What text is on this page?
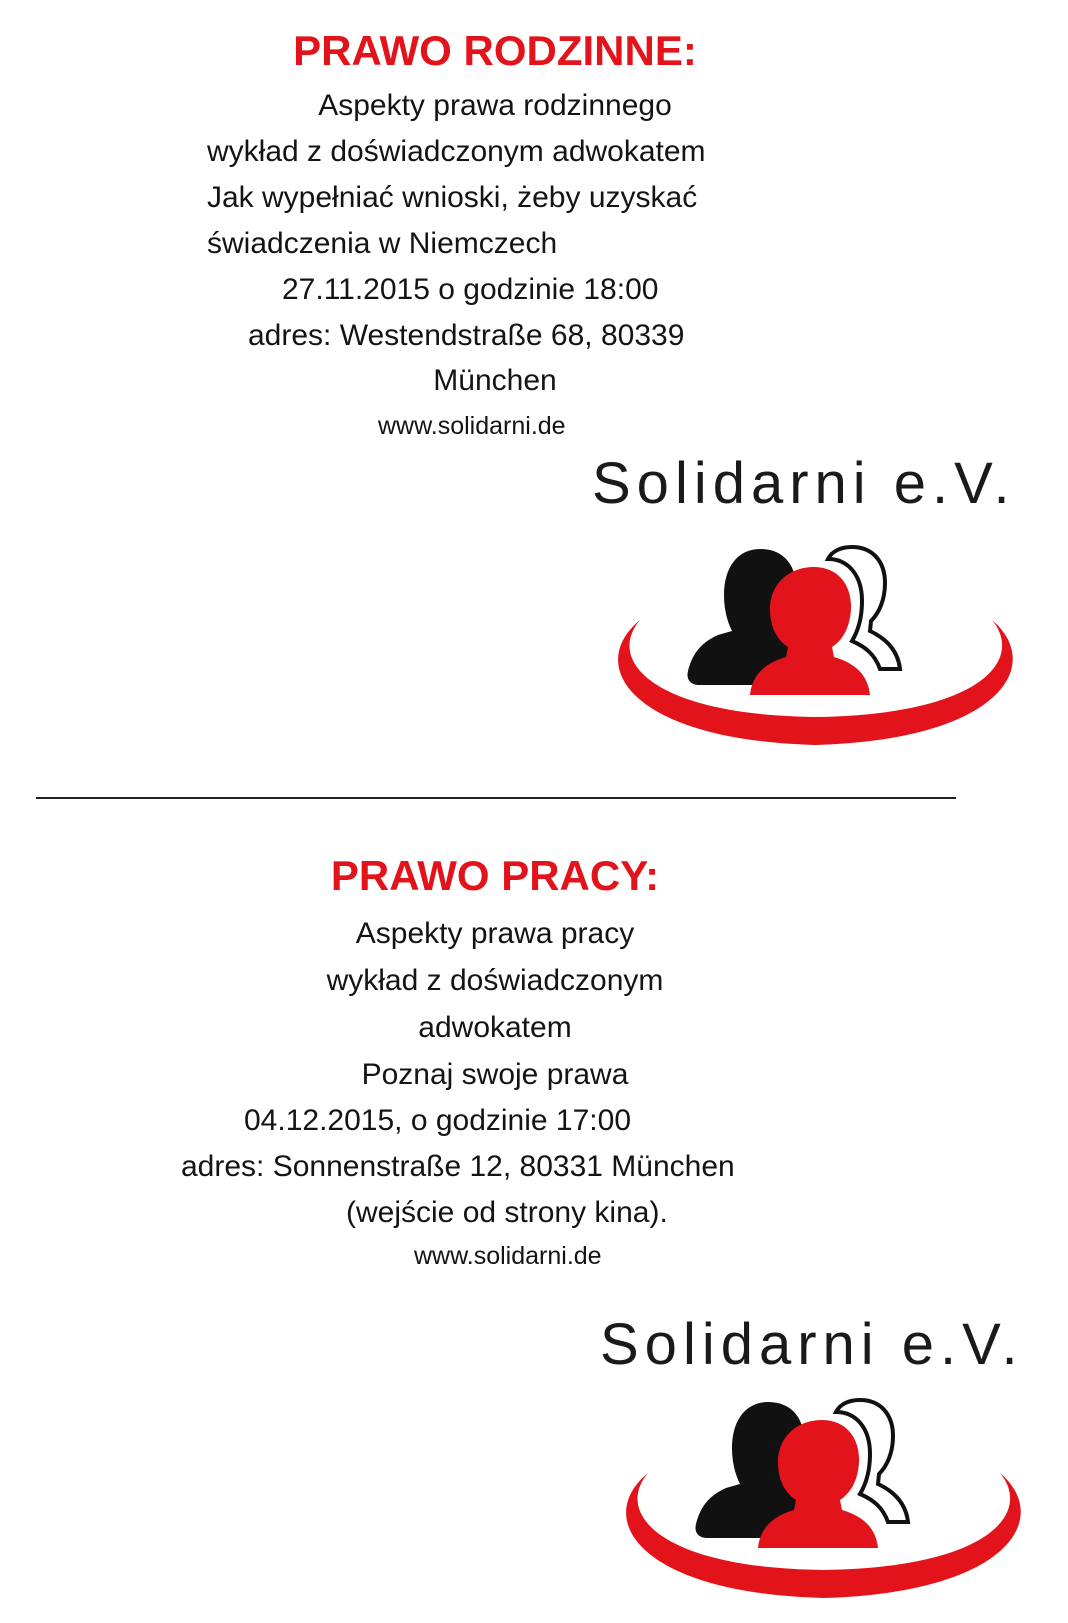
PRAWO RODZINNE:
Aspekty prawa rodzinnego
wykład z doświadczonym adwokatem
Jak wypełniać wnioski, żeby uzyskać
świadczenia w Niemczech
27.11.2015 o godzinie 18:00
adres: Westendstraße 68, 80339
München
www.solidarni.de
Solidarni e.V.
PRAWO PRACY:
Aspekty prawa pracy
wykład z doświadczonym
adwokatem
Poznaj swoje prawa
04.12.2015, o godzinie 17:00
adres: Sonnenstraße 12, 80331 München
(wejście od strony kina).
www.solidarni.de
Solidarni e.V.
